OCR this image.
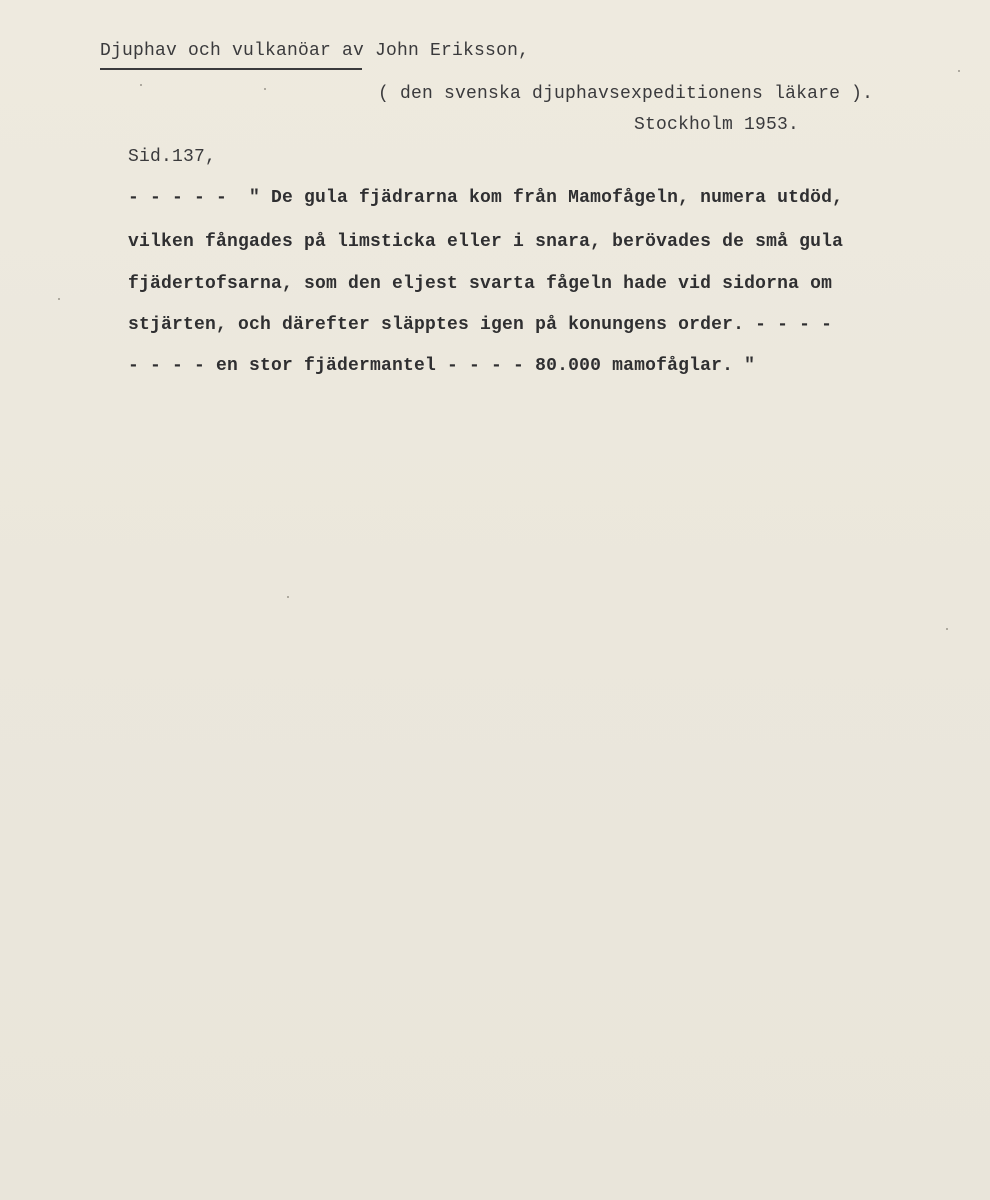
Djuphav och vulkanöar av John Eriksson,
( den svenska djuphavsexpeditionens läkare ).
Stockholm 1953.
Sid.137,
- - - - -  " De gula fjädrarna kom från Mamofågeln, numera utdöd,
vilken fångades på limsticka eller i snara, berövades de små gula
fjädertofsarna, som den eljest svarta fågeln hade vid sidorna om
stjärten, och därefter släpptes igen på konungens order. - - - -
- - - - en stor fjädermantel - - - - 80.000 mamofåglar. "
